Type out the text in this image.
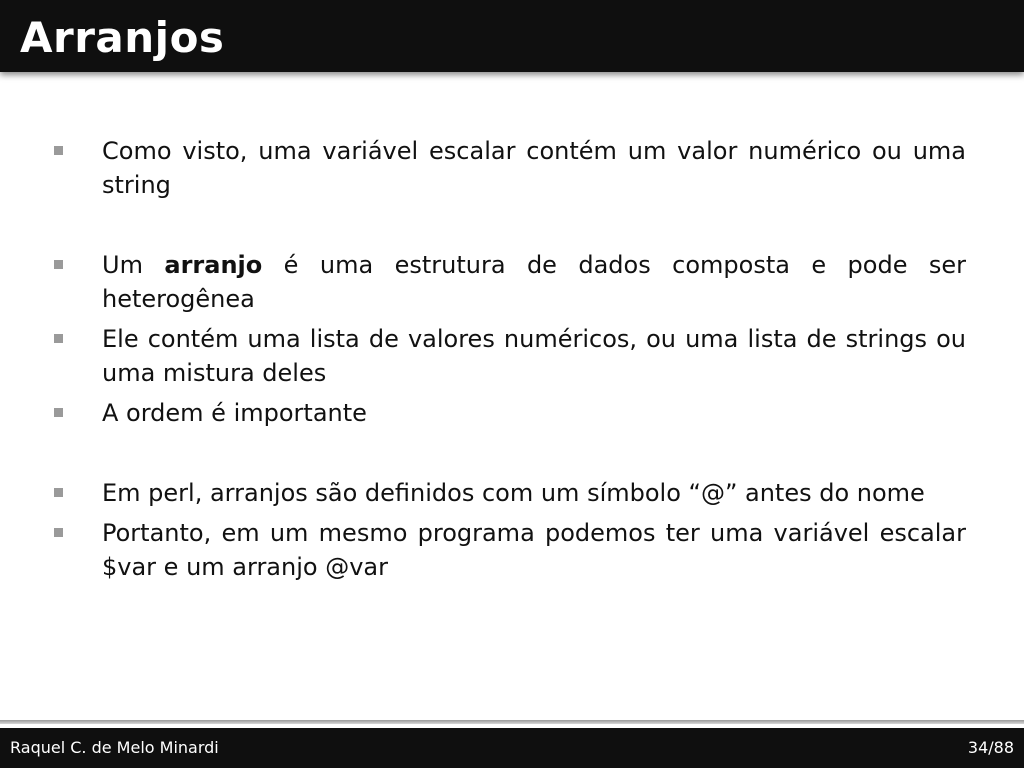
Arranjos

Como visto, uma variável escalar contém um valor numérico ou uma string

Um arranjo é uma estrutura de dados composta e pode ser heterogênea

Ele contém uma lista de valores numéricos, ou uma lista de strings ou uma mistura deles

A ordem é importante

Em perl, arranjos são definidos com um símbolo “@” antes do nome

Portanto, em um mesmo programa podemos ter uma variável escalar $var e um arranjo @var

Raquel C. de Melo Minardi	34/88
